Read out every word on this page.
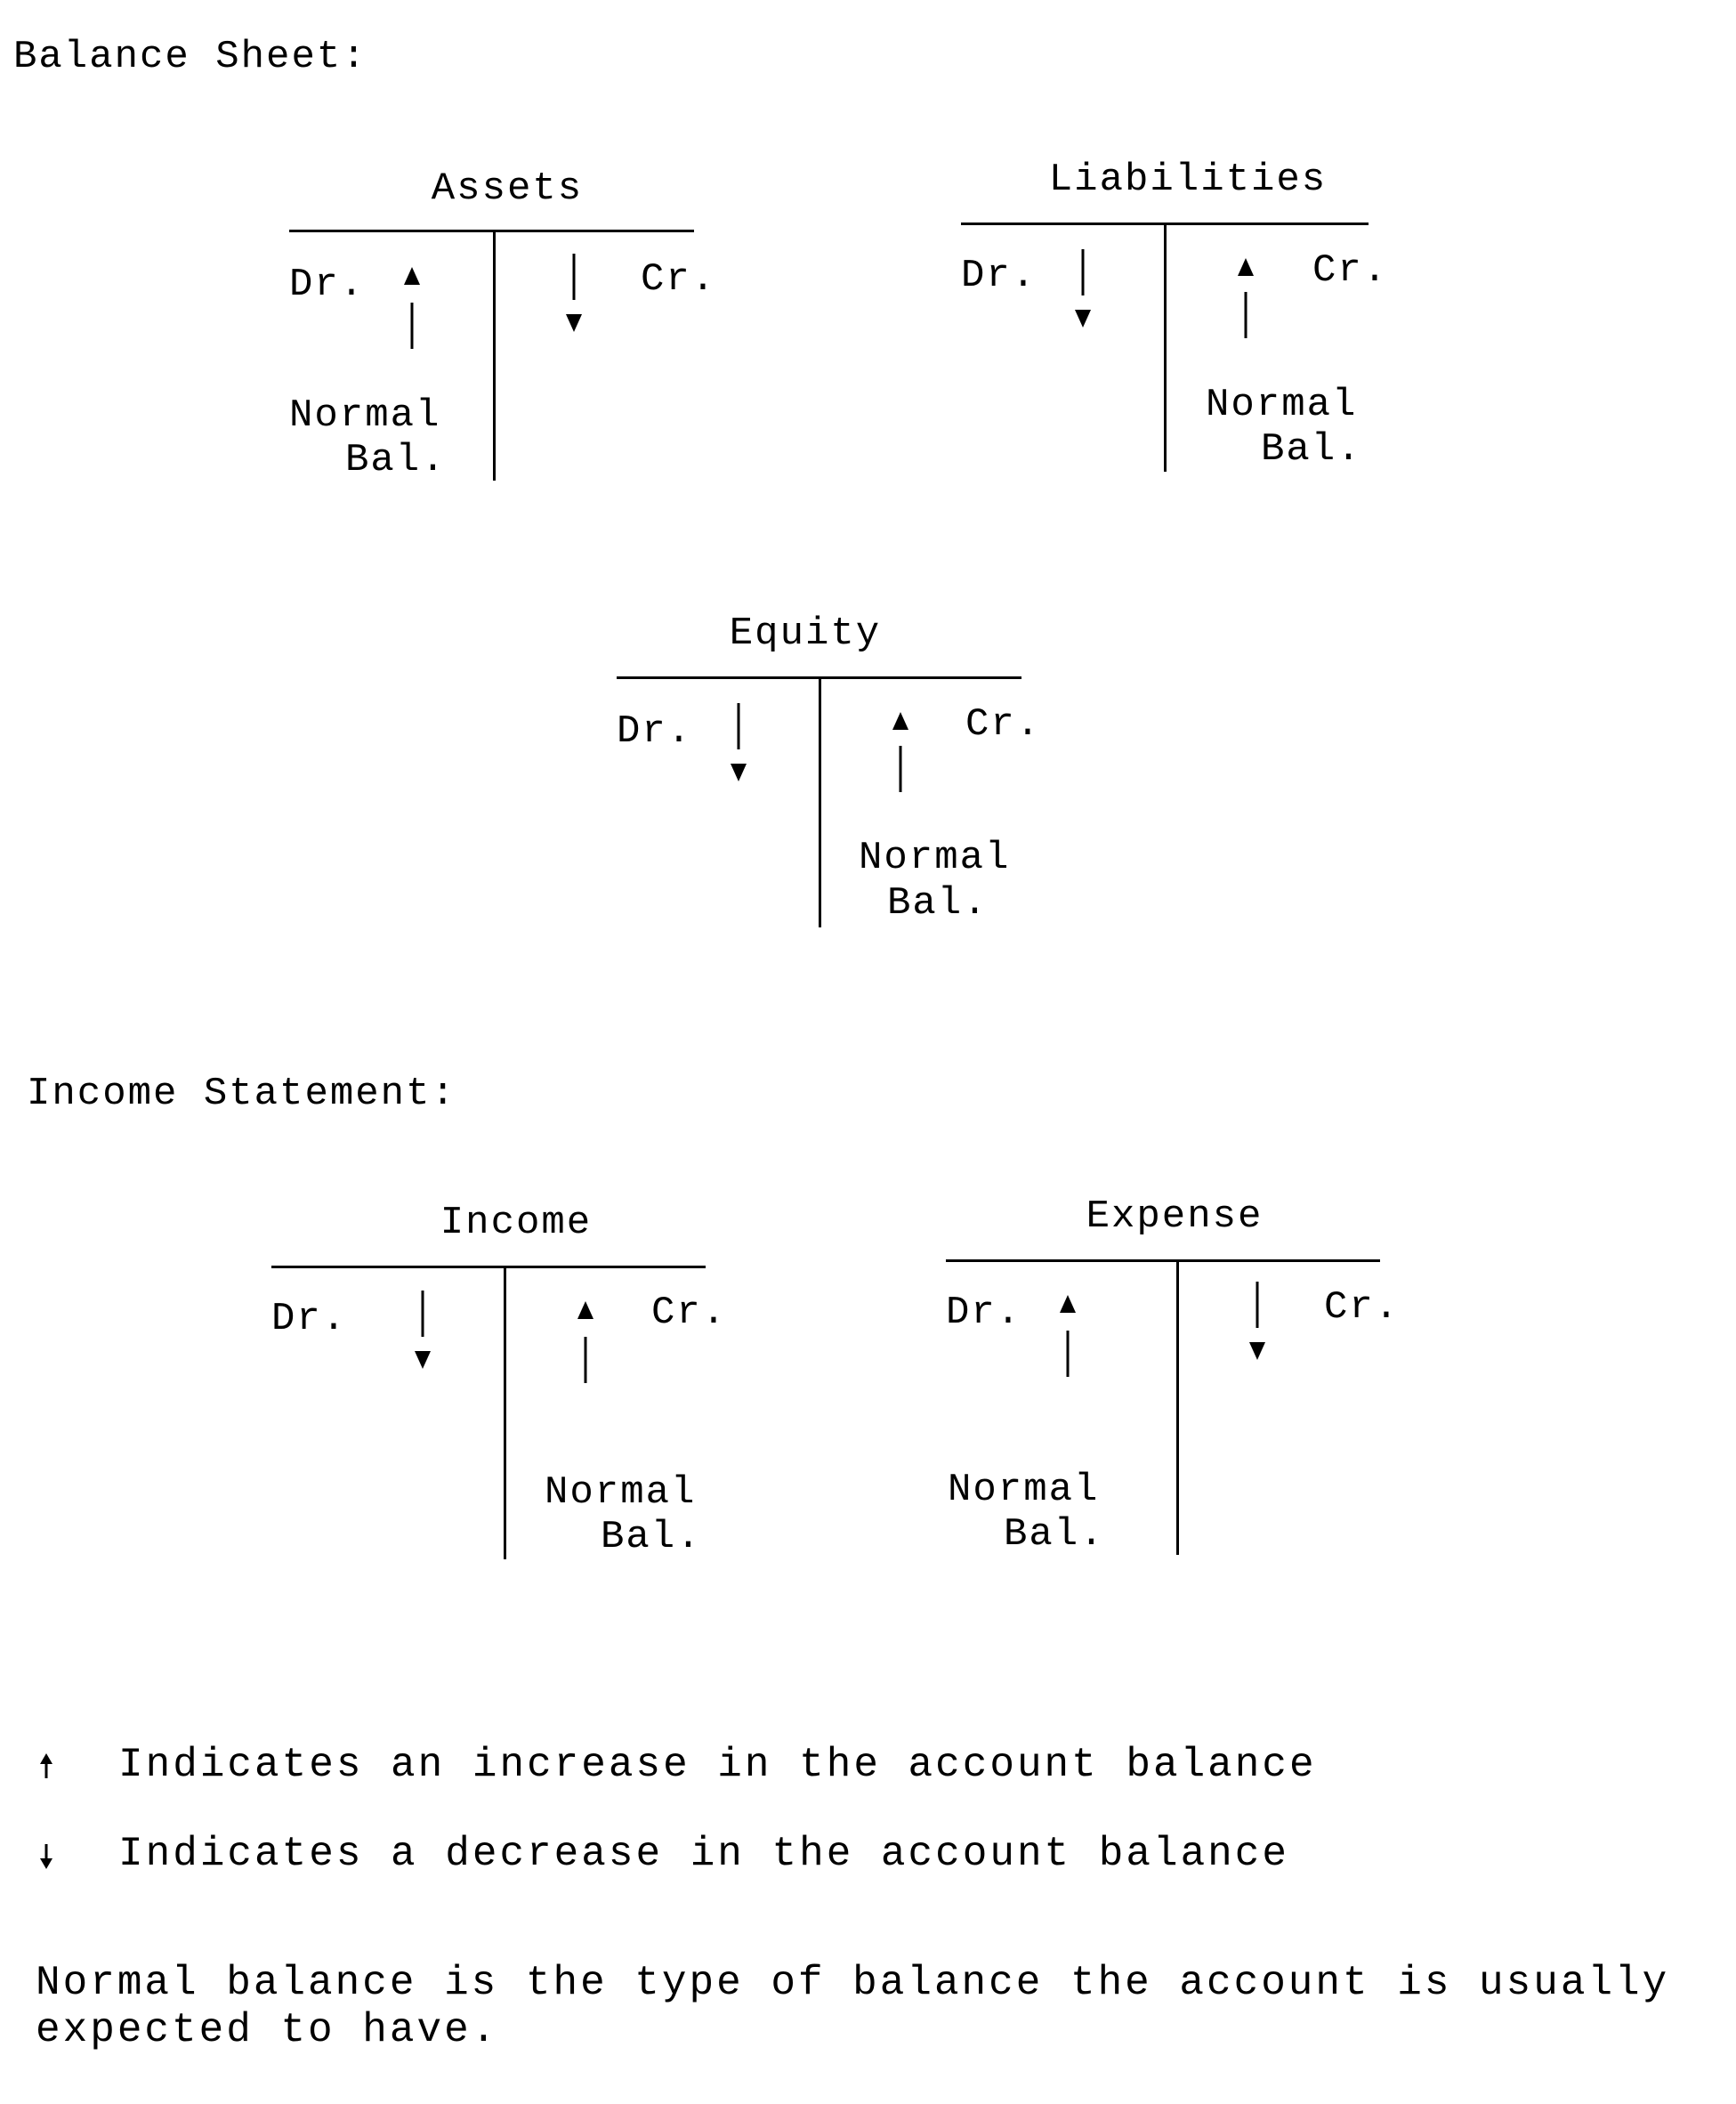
Balance Sheet:
Income Statement:
Assets
Dr.	Cr.
Normal
Bal.
Liabilities
Dr.	Cr.
Normal
Bal.
Equity
Dr.	Cr.
Normal
Bal.
Income
Dr.	Cr.
Normal
Bal.
Expense
Dr.	Cr.
Normal
Bal.
Indicates an increase in the account balance
Indicates a decrease in the account balance
Normal balance is the type of balance the account is usually
expected to have.
